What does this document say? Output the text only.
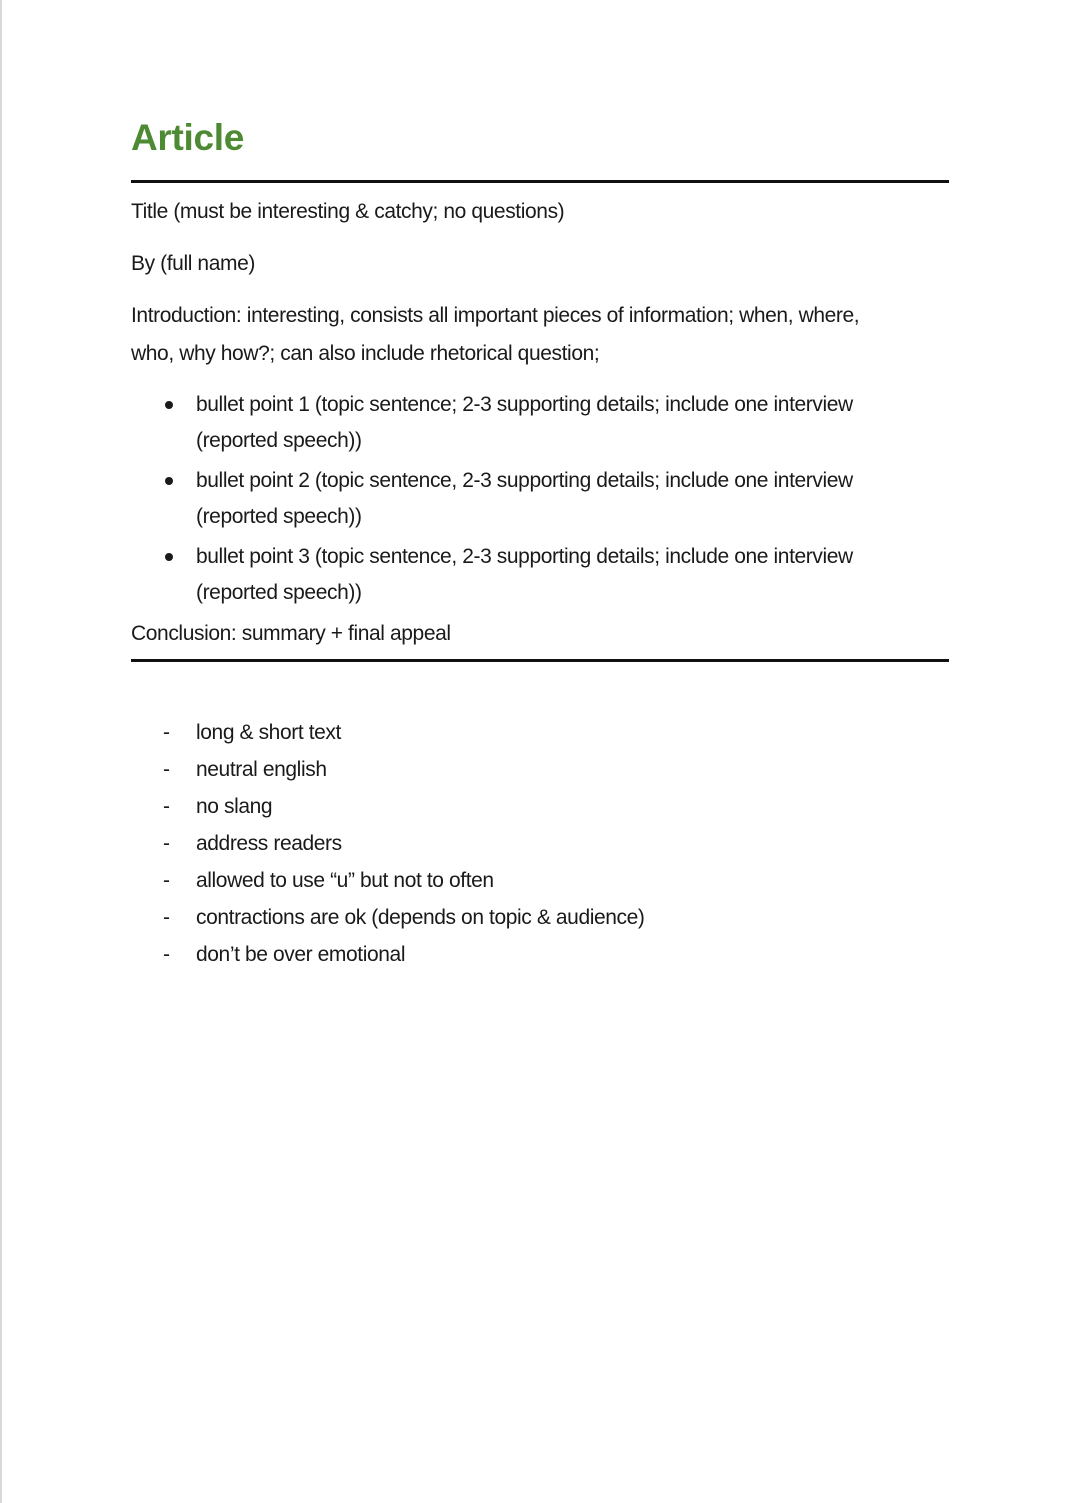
Article

Title (must be interesting & catchy; no questions)

By (full name)

Introduction: interesting, consists all important pieces of information; when, where,

who, why how?; can also include rhetorical question;

bullet point 1 (topic sentence; 2-3 supporting details; include one interview
(reported speech))
bullet point 2 (topic sentence, 2-3 supporting details; include one interview
(reported speech))
bullet point 3 (topic sentence, 2-3 supporting details; include one interview
(reported speech))

Conclusion: summary + final appeal

- long & short text
- neutral english
- no slang
- address readers
- allowed to use “u” but not to often
- contractions are ok (depends on topic & audience)
- don’t be over emotional
